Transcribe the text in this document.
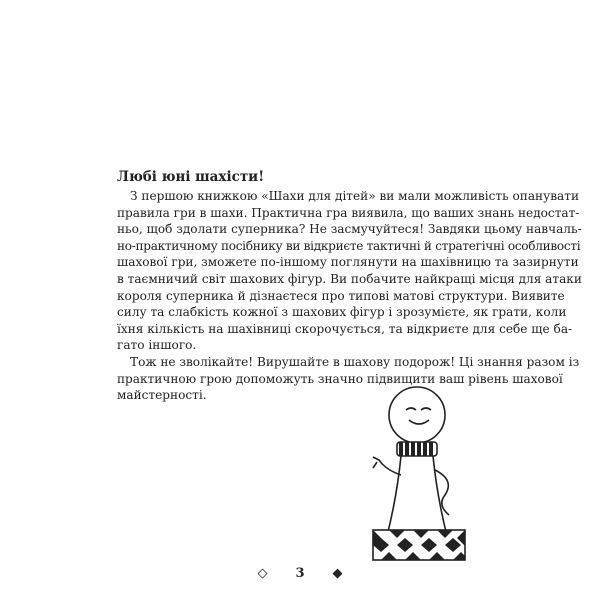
Любі юні шахісти!
З першою книжкою «Шахи для дітей» ви мали можливість опанувати
правила гри в шахи. Практична гра виявила, що ваших знань недостат-
ньо, щоб здолати суперника? Не засмучуйтеся! Завдяки цьому навчаль-
но-практичному посібнику ви відкриєте тактичні й стратегічні особливості
шахової гри, зможете по-іншому поглянути на шахівницю та зазирнути
в таємничий світ шахових фігур. Ви побачите найкращі місця для атаки
короля суперника й дізнаєтеся про типові матові структури. Виявите
силу та слабкість кожної з шахових фігур і зрозумієте, як грати, коли
їхня кількість на шахівниці скорочується, та відкриєте для себе ще ба-
гато іншого.
Тож не зволікайте! Вирушайте в шахову подорож! Ці знання разом із
практичною грою допоможуть значно підвищити ваш рівень шахової
майстерності.
◇ 3 ◆
